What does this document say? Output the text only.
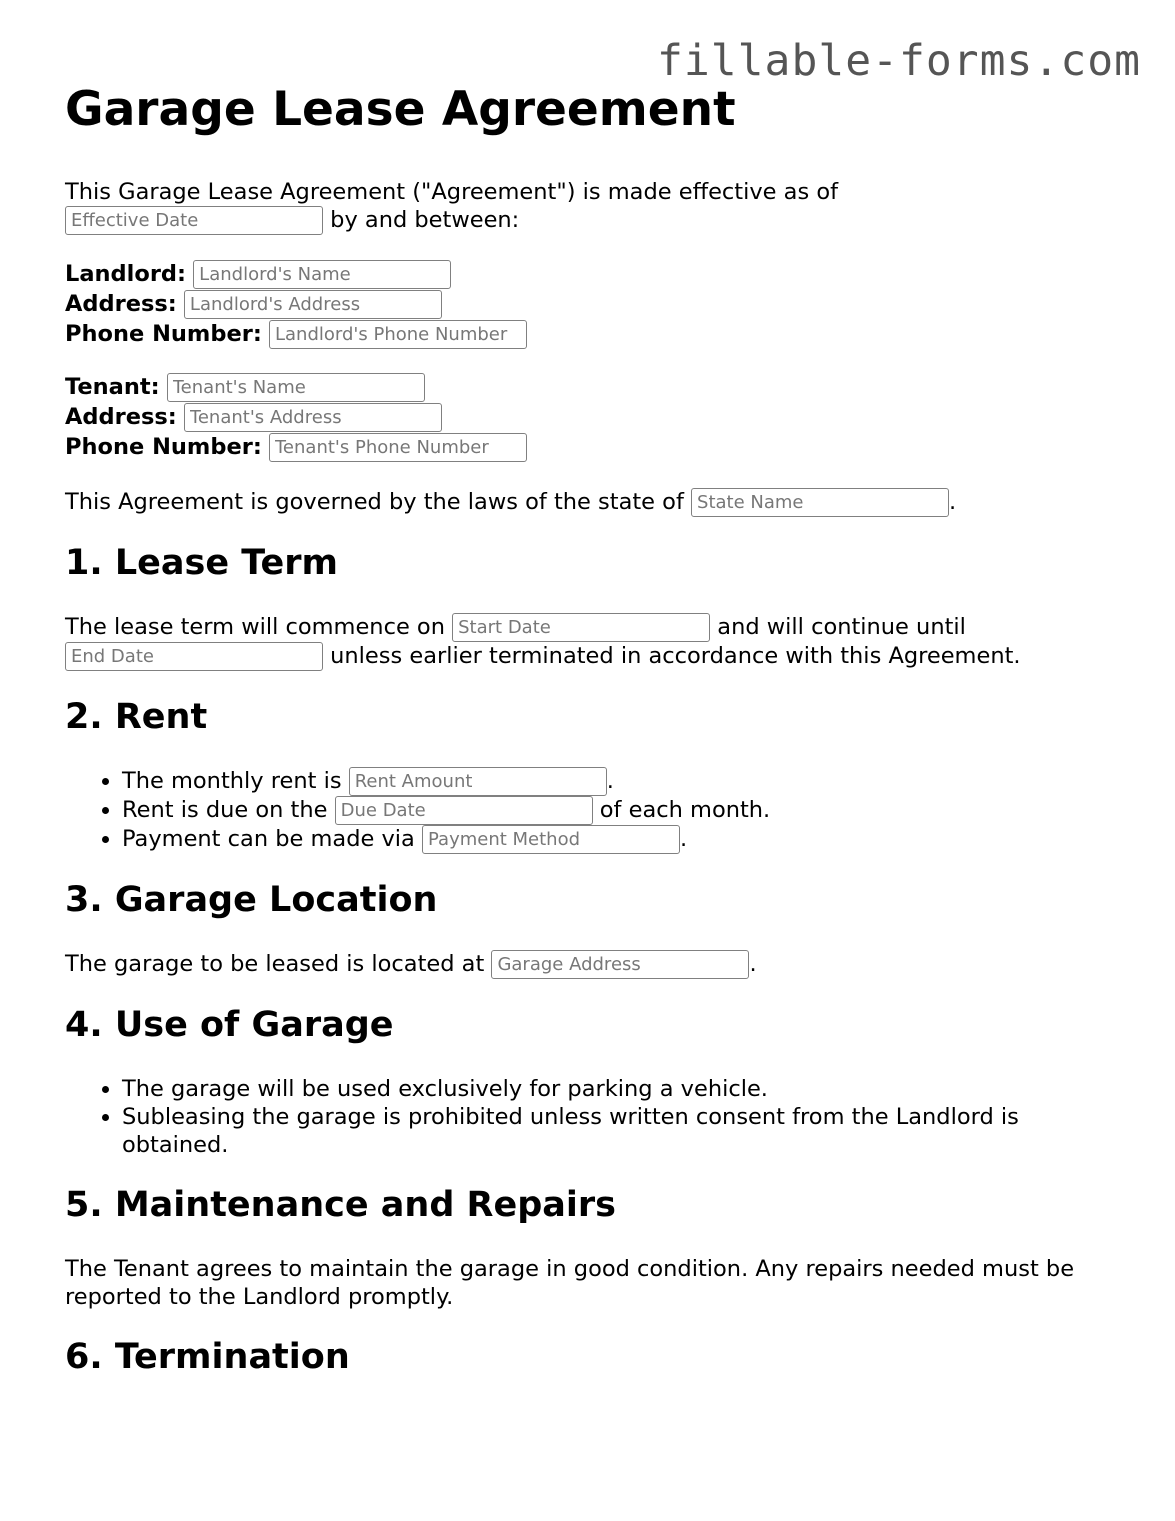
fillable-forms.com
Garage Lease Agreement

This Garage Lease Agreement ("Agreement") is made effective as of
Effective Date by and between:

Landlord: Landlord's Name
Address: Landlord's Address
Phone Number: Landlord's Phone Number
Tenant: Tenant's Name
Address: Tenant's Address
Phone Number: Tenant's Phone Number

This Agreement is governed by the laws of the state of State Name	.

1. Lease Term

The lease term will commence on Start Date	and will continue until
End Date unless earlier terminated in accordance with this Agreement.

2. Rent
• The monthly rent is Rent Amount	.
• Rent is due on the Due Date	of each month.
• Payment can be made via Payment Method	.
3. Garage Location

The garage to be leased is located at Garage Address	.

4. Use of Garage
• The garage will be used exclusively for parking a vehicle.
• Subleasing the garage is prohibited unless written consent from the Landlord is obtained.
5. Maintenance and Repairs

The Tenant agrees to maintain the garage in good condition. Any repairs needed must be reported to the Landlord promptly.

6. Termination
